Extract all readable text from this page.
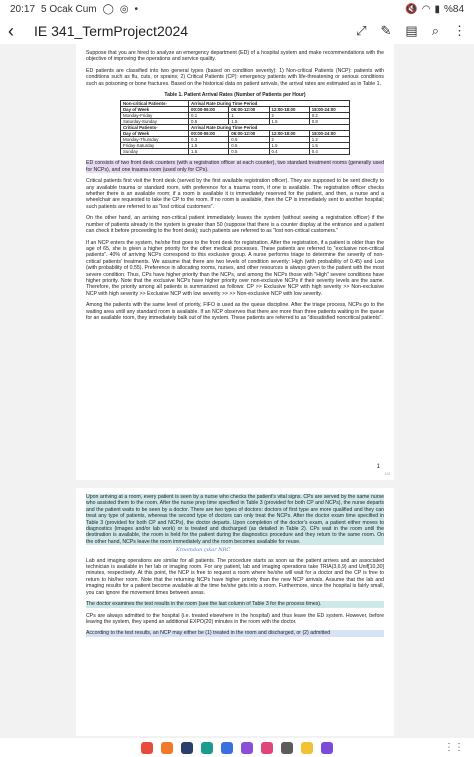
20:17 5 Ocak Cum ◯ ◎ •	🔇 ◠ ▮ %84
‹	IE 341_TermProject2024	⤢ ✎ ▤ ⌕ ⋮

Suppose that you are hired to analyze an emergency department (ED) of a hospital system and make recommendations with the objective of improving the operations and service quality.

ED patients are classified into two general types (based on condition severity): 1) Non-critical Patients (NCP): patients with conditions such as flu, cuts, or sprains; 2) Critical Patients (CP): emergency patients with life-threatening or serious conditions such as poisoning or bone fractures. Based on the historical data on patient arrivals, the arrival rates are estimated as in Table 1.

Table 1. Patient Arrival Rates (Number of Patients per Hour)
Non-critical Patients-	Arrival Rate During Time Period			
Day of Week	00:00-06:00	06:00-12:00	12:00-18:00	18:00-24:00
Monday-Friday	0.1	1	2	0.2
Saturday-Sunday	0.5	1.5	1.5	0.8
Critical Patients-	Arrival Rate During Time Period			
Day of Week	00:00-06:00	06:00-12:00	12:00-18:00	18:00-24:00
Monday-Thursday	0.3	0.5	2	1.2
Friday-Saturday	1.5	0.5	1.5	1.5
Sunday	1.5	0.5	0.4	0.4

ED consists of two front desk counters (with a registration officer at each counter), two standard treatment rooms (generally used for NCPs), and one trauma room (used only for CPs).

Critical patients first visit the front desk (served by the first available registration officer). They are supposed to be sent directly to any available trauma or standard room, with preference for a trauma room, if one is available. The registration officer checks whether there is an available room; if a room is available it is immediately reserved for the patient, and then, a nurse and a wheelchair are requested to take the CP to the room. If no room is available, then the CP is immediately sent to another hospital; such patients are referred to as "lost critical customers".

On the other hand, an arriving non-critical patient immediately leaves the system (without seeing a registration officer) if the number of patients already in the system is greater than 50 (suppose that there is a counter display at the entrance and a patient can check it before proceeding to the front desk); such patients are referred to as "lost non-critical customers."

If an NCP enters the system, he/she first goes to the front desk for registration. After the registration, if a patient is older than the age of 65, she is given a higher priority for the other medical processes. These patients are referred to "exclusive non-critical patients". 40% of arriving NCPs correspond to this exclusive group. A nurse performs triage to determine the severity of non-critical patients' treatments. We assume that there are two levels of condition severity: High (with probability of 0.45) and Low (with probability of 0.55). Preference in allocating rooms, nurses, and other resources is always given to the patient with the most severe condition. Thus, CPs have higher priority than the NCPs, and among the NCPs those with "High" severe conditions have higher priority. Note that the exclusive NCPs have higher priority over non-exclusive NCPs if their severity levels are the same. Therefore, the priority among all patients is summarized as follows: CP >> Exclusive NCP with high severity >> Non-exclusive NCP with high severity >> Exclusive NCP with low severity >> >> Non-exclusive NCP with low severity.

Among the patients with the same level of priority, FIFO is used as the queue discipline. After the triage process, NCPs go to the waiting area until any standard room is available. If an NCP observes that there are more than three patients waiting in the queue for an available room, they immediately balk out of the system. These patients are referred to as "dissatisfied noncritical patients".

1
1/4

Upon arriving at a room, every patient is seen by a nurse who checks the patient's vital signs. CPs are served by the same nurse who assisted them to the room. After the nurse prep time specified in Table 3 (provided for both CP and NCPs), the nurse departs and the patient waits to be seen by a doctor. There are two types of doctors: doctors of first type are more qualified and they can treat any type of patients, whereas the second type of doctors can only treat the NCPs. After the doctor exam time specified in Table 3 (provided for both CP and NCPs), the doctor departs. Upon completion of the doctor's exam, a patient either moves to diagnostics (images and/or lab work) or is treated and discharged (as detailed in Table 2). CPs wait in the room until the destination is available, the room is held for the patient during the diagnostics procedure and they return to the same room. On the other hand, NCPs leave the room immediately and the room becomes available for reuse.

Kroomdan çıkar NRC

Lab and imaging operations are similar for all patients. The procedure starts as soon as the patient arrives and an associated technician is available in her lab or imaging room. For any patient, lab and imaging operations take TRIA(3,6,9) and Unif[10,30] minutes, respectively. At this point, the NCP is free to request a room where he/she will wait for a doctor and the CP is free to return to his/her room. Note that the returning NCPs have higher priority than the new NCP arrivals. Assume that the lab and imaging results for a patient become available at the time he/she gets into a room. Furthermore, since the hospital is fairly small, you can ignore the movement times between areas.

The doctor examines the test results in the room (see the last column of Table 3 for the process times).

CPs are always admitted to the hospital (i.e. treated elsewhere in the hospital) and thus leave the ED system. However, before leaving the system, they spend an additional EXPO(20) minutes in the room with the doctor.

According to the test results, an NCP may either be (1) treated in the room and discharged, or (2) admitted

⋮⋮
